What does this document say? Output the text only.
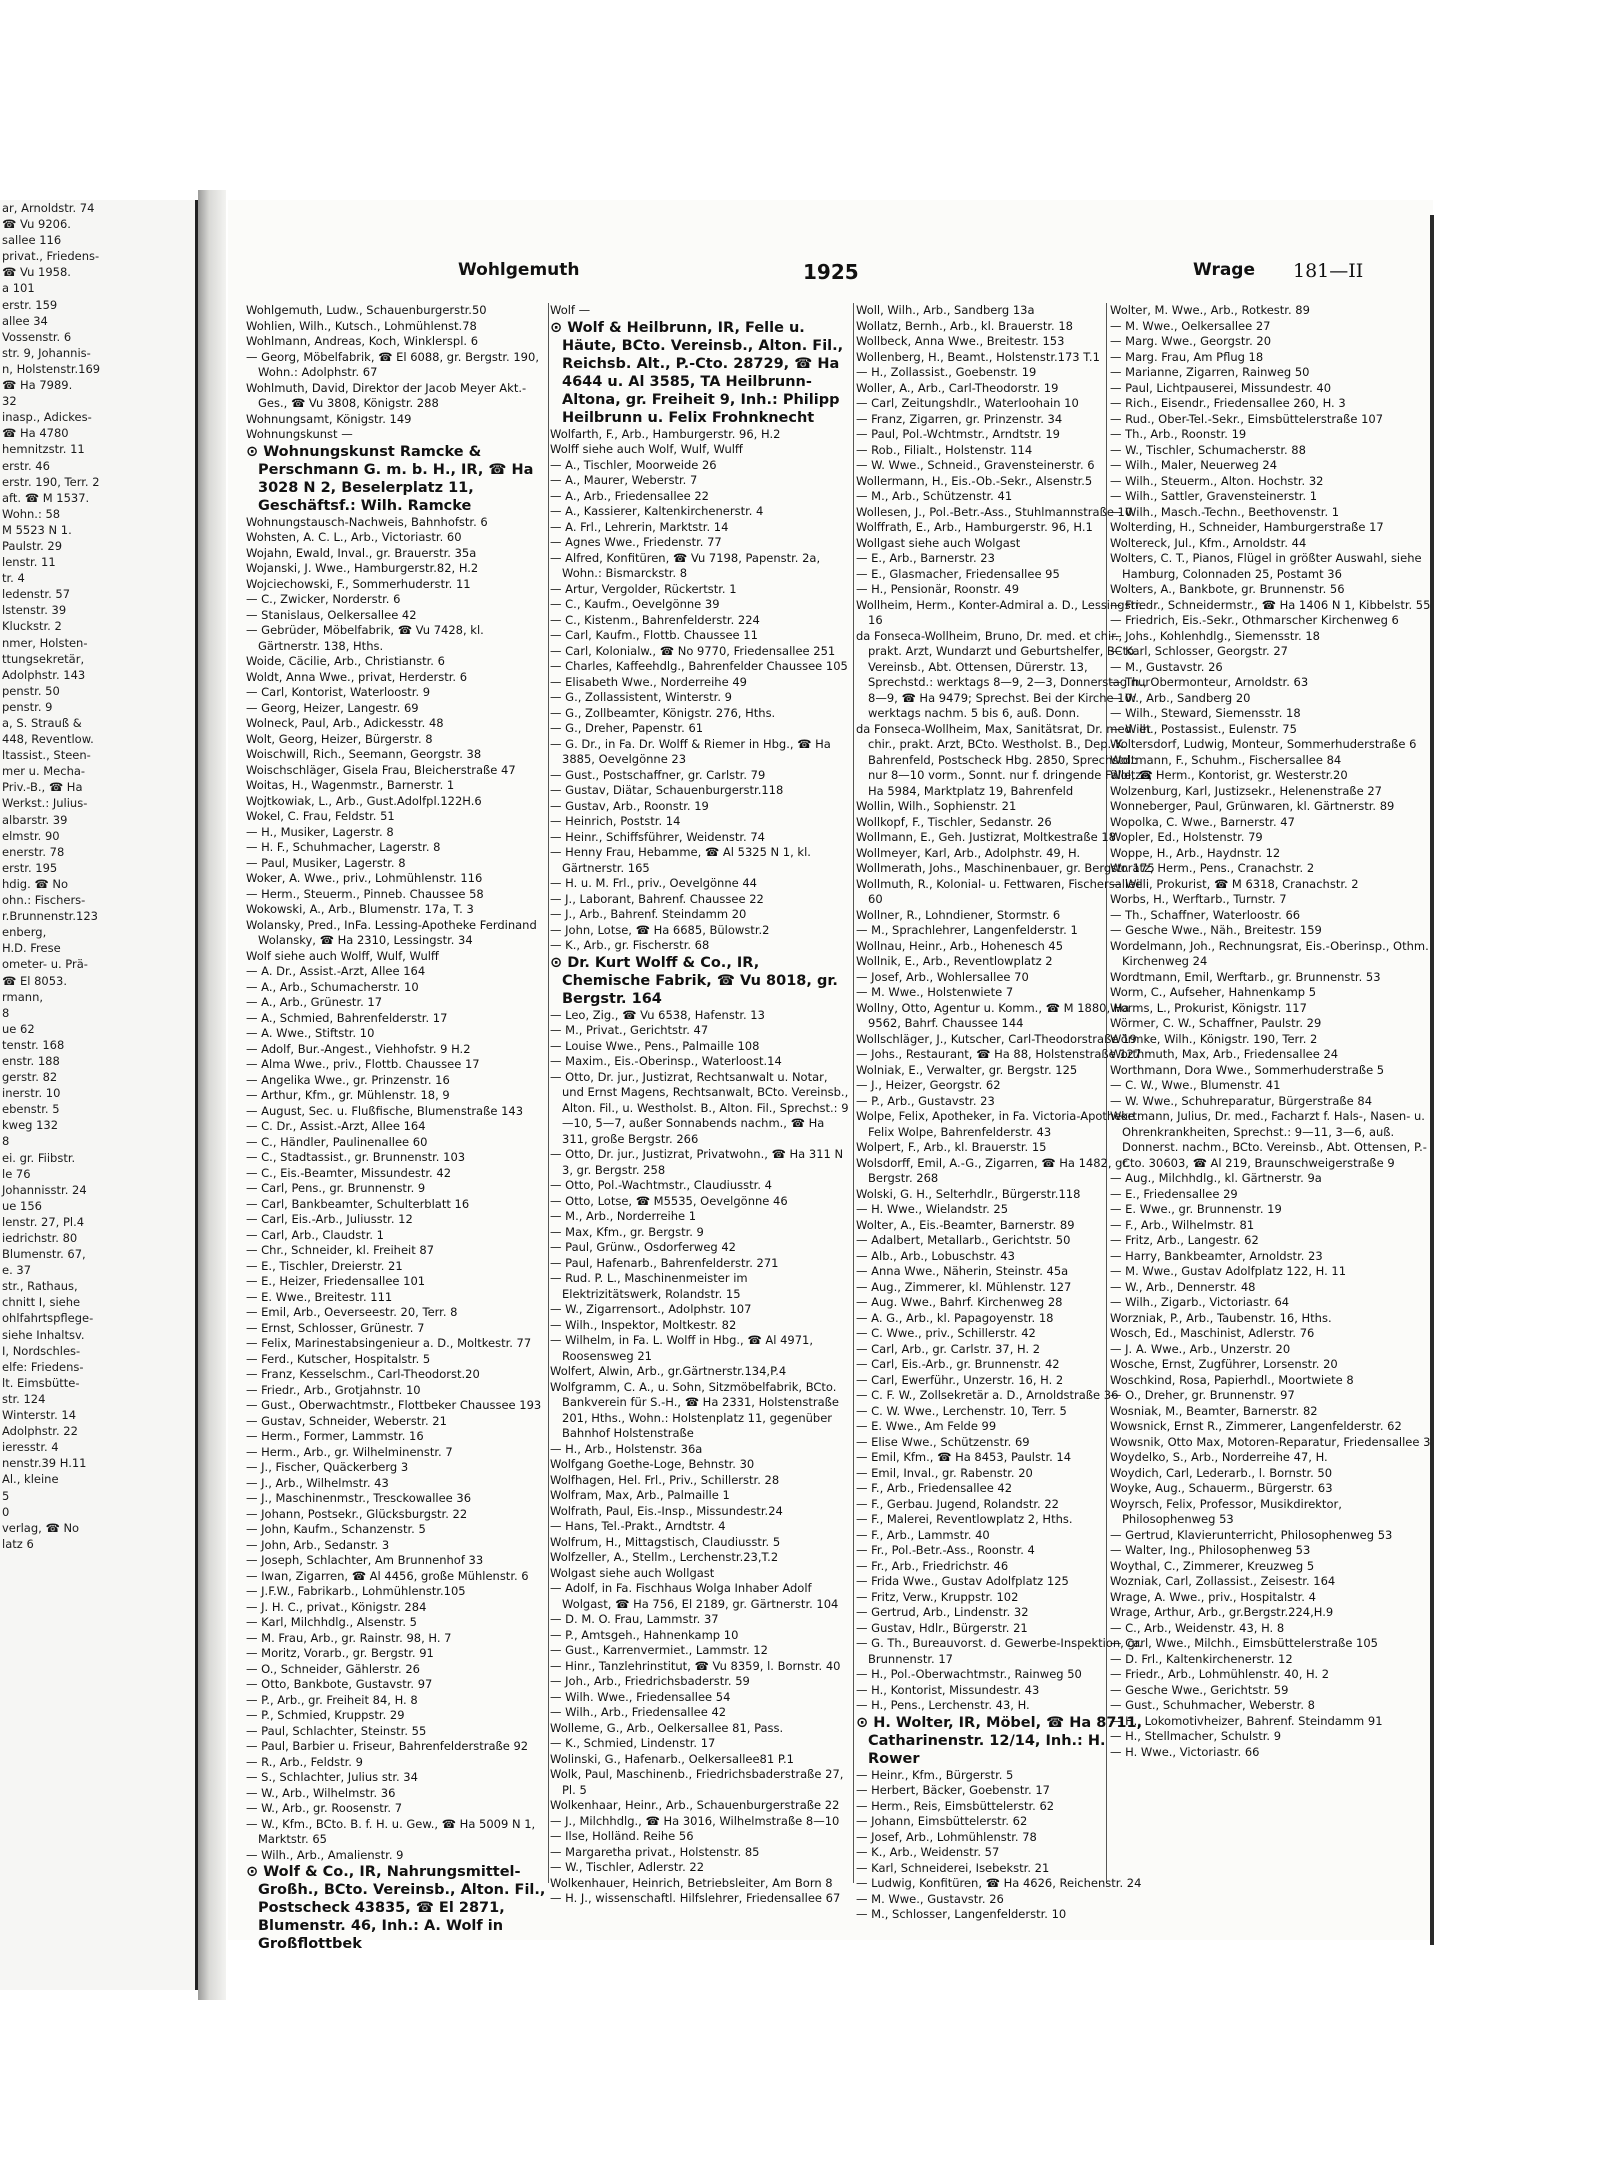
ar, Arnoldstr. 74
☎ Vu 9206.
sallee 116
privat., Friedens-
☎ Vu 1958.
a 101
erstr. 159
allee 34
Vossenstr. 6
str. 9, Johannis-
n, Holstenstr.169
☎ Ha 7989.
32
inasp., Adickes-
☎ Ha 4780
hemnitzstr. 11
erstr. 46
erstr. 190, Terr. 2
aft. ☎ M 1537.
Wohn.: 58
M 5523 N 1.
Paulstr. 29
lenstr. 11
tr. 4
ledenstr. 57
lstenstr. 39
Kluckstr. 2
nmer, Holsten-
ttungsekretär,
Adolphstr. 143
penstr. 50
penstr. 9
a, S. Strauß &
448, Reventlow.
ltassist., Steen-
mer u. Mecha-
Priv.-B., ☎ Ha
Werkst.: Julius-
albarstr. 39
elmstr. 90
enerstr. 78
erstr. 195
hdig. ☎ No
ohn.: Fischers-
r.Brunnenstr.123
enberg,
H.D. Frese
ometer- u. Prä-
☎ El 8053.
rmann,
8
ue 62
tenstr. 168
enstr. 188
gerstr. 82
inerstr. 10
ebenstr. 5
kweg 132
8
ei. gr. Fiibstr.
le 76
Johannisstr. 24
ue 156
lenstr. 27, Pl.4
iedrichstr. 80
Blumenstr. 67,
e. 37
str., Rathaus,
chnitt I, siehe
ohlfahrtspflege-
siehe Inhaltsv.
I, Nordschles-
elfe: Friedens-
lt. Eimsbütte-
str. 124
Winterstr. 14
Adolphstr. 22
ieresstr. 4
nenstr.39 H.11
Al., kleine
5
0
verlag, ☎ No
latz 6
Wohlgemuth	1925	Wrage 181—II

Wohlgemuth, Ludw., Schauenburgerstr.50

Wohlien, Wilh., Kutsch., Lohmühlenst.78

Wohlmann, Andreas, Koch, Winklerspl. 6

— Georg, Möbelfabrik, ☎ El 6088, gr. Bergstr. 190, Wohn.: Adolphstr. 67

Wohlmuth, David, Direktor der Jacob Meyer Akt.-Ges., ☎ Vu 3808, Königstr. 288

Wohnungsamt, Königstr. 149

Wohnungskunst —

⊙ Wohnungskunst Ramcke & Perschmann G. m. b. H., IR, ☎ Ha 3028 N 2, Beselerplatz 11, Geschäftsf.: Wilh. Ramcke

Wohnungstausch-Nachweis, Bahnhofstr. 6

Wohsten, A. C. L., Arb., Victoriastr. 60

Wojahn, Ewald, Inval., gr. Brauerstr. 35a

Wojanski, J. Wwe., Hamburgerstr.82, H.2

Wojciechowski, F., Sommerhuderstr. 11

— C., Zwicker, Norderstr. 6

— Stanislaus, Oelkersallee 42

— Gebrüder, Möbelfabrik, ☎ Vu 7428, kl. Gärtnerstr. 138, Hths.

Woide, Cäcilie, Arb., Christianstr. 6

Woldt, Anna Wwe., privat, Herderstr. 6

— Carl, Kontorist, Waterloostr. 9

— Georg, Heizer, Langestr. 69

Wolneck, Paul, Arb., Adickesstr. 48

Wolt, Georg, Heizer, Bürgerstr. 8

Woischwill, Rich., Seemann, Georgstr. 38

Woischschläger, Gisela Frau, Bleicherstraße 47

Woitas, H., Wagenmstr., Barnerstr. 1

Wojtkowiak, L., Arb., Gust.Adolfpl.122H.6

Wokel, C. Frau, Feldstr. 51

— H., Musiker, Lagerstr. 8

— H. F., Schuhmacher, Lagerstr. 8

— Paul, Musiker, Lagerstr. 8

Woker, A. Wwe., priv., Lohmühlenstr. 116

— Herm., Steuerm., Pinneb. Chaussee 58

Wokowski, A., Arb., Blumenstr. 17a, T. 3

Wolansky, Pred., InFa. Lessing-Apotheke Ferdinand Wolansky, ☎ Ha 2310, Lessingstr. 34

Wolf siehe auch Wolff, Wulf, Wulff

— A. Dr., Assist.-Arzt, Allee 164

— A., Arb., Schumacherstr. 10

— A., Arb., Grünestr. 17

— A., Schmied, Bahrenfelderstr. 17

— A. Wwe., Stiftstr. 10

— Adolf, Bur.-Angest., Viehhofstr. 9 H.2

— Alma Wwe., priv., Flottb. Chaussee 17

— Angelika Wwe., gr. Prinzenstr. 16

— Arthur, Kfm., gr. Mühlenstr. 18, 9

— August, Sec. u. Flußfische, Blumenstraße 143

— C. Dr., Assist.-Arzt, Allee 164

— C., Händler, Paulinenallee 60

— C., Stadtassist., gr. Brunnenstr. 103

— C., Eis.-Beamter, Missundestr. 42

— Carl, Pens., gr. Brunnenstr. 9

— Carl, Bankbeamter, Schulterblatt 16

— Carl, Eis.-Arb., Juliusstr. 12

— Carl, Arb., Claudstr. 1

— Chr., Schneider, kl. Freiheit 87

— E., Tischler, Dreierstr. 21

— E., Heizer, Friedensallee 101

— E. Wwe., Breitestr. 111

— Emil, Arb., Oeverseestr. 20, Terr. 8

— Ernst, Schlosser, Grünestr. 7

— Felix, Marinestabsingenieur a. D., Moltkestr. 77

— Ferd., Kutscher, Hospitalstr. 5

— Franz, Kesselschm., Carl-Theodorst.20

— Friedr., Arb., Grotjahnstr. 10

— Gust., Oberwachtmstr., Flottbeker Chaussee 193

— Gustav, Schneider, Weberstr. 21

— Herm., Former, Lammstr. 16

— Herm., Arb., gr. Wilhelminenstr. 7

— J., Fischer, Quäckerberg 3

— J., Arb., Wilhelmstr. 43

— J., Maschinenmstr., Tresckowallee 36

— Johann, Postsekr., Glücksburgstr. 22

— John, Kaufm., Schanzenstr. 5

— John, Arb., Sedanstr. 3

— Joseph, Schlachter, Am Brunnenhof 33

— Iwan, Zigarren, ☎ Al 4456, große Mühlenstr. 6

— J.F.W., Fabrikarb., Lohmühlenstr.105

— J. H. C., privat., Königstr. 284

— Karl, Milchhdlg., Alsenstr. 5

— M. Frau, Arb., gr. Rainstr. 98, H. 7

— Moritz, Vorarb., gr. Bergstr. 91

— O., Schneider, Gählerstr. 26

— Otto, Bankbote, Gustavstr. 97

— P., Arb., gr. Freiheit 84, H. 8

— P., Schmied, Kruppstr. 29

— Paul, Schlachter, Steinstr. 55

— Paul, Barbier u. Friseur, Bahrenfelderstraße 92

— R., Arb., Feldstr. 9

— S., Schlachter, Julius str. 34

— W., Arb., Wilhelmstr. 36

— W., Arb., gr. Roosenstr. 7

— W., Kfm., BCto. B. f. H. u. Gew., ☎ Ha 5009 N 1, Marktstr. 65

— Wilh., Arb., Amalienstr. 9

⊙ Wolf & Co., IR, Nahrungsmittel-Großh., BCto. Vereinsb., Alton. Fil., Postscheck 43835, ☎ El 2871, Blumenstr. 46, Inh.: A. Wolf in Großflottbek

Wolf —

⊙ Wolf & Heilbrunn, IR, Felle u. Häute, BCto. Vereinsb., Alton. Fil., Reichsb. Alt., P.-Cto. 28729, ☎ Ha 4644 u. Al 3585, TA Heilbrunn-Altona, gr. Freiheit 9, Inh.: Philipp Heilbrunn u. Felix Frohnknecht

Wolfarth, F., Arb., Hamburgerstr. 96, H.2

Wolff siehe auch Wolf, Wulf, Wulff

— A., Tischler, Moorweide 26

— A., Maurer, Weberstr. 7

— A., Arb., Friedensallee 22

— A., Kassierer, Kaltenkirchenerstr. 4

— A. Frl., Lehrerin, Marktstr. 14

— Agnes Wwe., Friedenstr. 77

— Alfred, Konfitüren, ☎ Vu 7198, Papenstr. 2a, Wohn.: Bismarckstr. 8

— Artur, Vergolder, Rückertstr. 1

— C., Kaufm., Oevelgönne 39

— C., Kistenm., Bahrenfelderstr. 224

— Carl, Kaufm., Flottb. Chaussee 11

— Carl, Kolonialw., ☎ No 9770, Friedensallee 251

— Charles, Kaffeehdlg., Bahrenfelder Chaussee 105

— Elisabeth Wwe., Norderreihe 49

— G., Zollassistent, Winterstr. 9

— G., Zollbeamter, Königstr. 276, Hths.

— G., Dreher, Papenstr. 61

— G. Dr., in Fa. Dr. Wolff & Riemer in Hbg., ☎ Ha 3885, Oevelgönne 23

— Gust., Postschaffner, gr. Carlstr. 79

— Gustav, Diätar, Schauenburgerstr.118

— Gustav, Arb., Roonstr. 19

— Heinrich, Poststr. 14

— Heinr., Schiffsführer, Weidenstr. 74

— Henny Frau, Hebamme, ☎ Al 5325 N 1, kl. Gärtnerstr. 165

— H. u. M. Frl., priv., Oevelgönne 44

— J., Laborant, Bahrenf. Chaussee 22

— J., Arb., Bahrenf. Steindamm 20

— John, Lotse, ☎ Ha 6685, Bülowstr.2

— K., Arb., gr. Fischerstr. 68

⊙ Dr. Kurt Wolff & Co., IR, Chemische Fabrik, ☎ Vu 8018, gr. Bergstr. 164

— Leo, Zig., ☎ Vu 6538, Hafenstr. 13

— M., Privat., Gerichtstr. 47

— Louise Wwe., Pens., Palmaille 108

— Maxim., Eis.-Oberinsp., Waterloost.14

— Otto, Dr. jur., Justizrat, Rechtsanwalt u. Notar, und Ernst Magens, Rechtsanwalt, BCto. Vereinsb., Alton. Fil., u. Westholst. B., Alton. Fil., Sprechst.: 9—10, 5—7, außer Sonnabends nachm., ☎ Ha 311, große Bergstr. 266

— Otto, Dr. jur., Justizrat, Privatwohn., ☎ Ha 311 N 3, gr. Bergstr. 258

— Otto, Pol.-Wachtmstr., Claudiusstr. 4

— Otto, Lotse, ☎ M5535, Oevelgönne 46

— M., Arb., Norderreihe 1

— Max, Kfm., gr. Bergstr. 9

— Paul, Grünw., Osdorferweg 42

— Paul, Hafenarb., Bahrenfelderstr. 271

— Rud. P. L., Maschinenmeister im Elektrizitätswerk, Rolandstr. 15

— W., Zigarrensort., Adolphstr. 107

— Wilh., Inspektor, Moltkestr. 82

— Wilhelm, in Fa. L. Wolff in Hbg., ☎ Al 4971, Roosensweg 21

Wolfert, Alwin, Arb., gr.Gärtnerstr.134,P.4

Wolfgramm, C. A., u. Sohn, Sitzmöbelfabrik, BCto. Bankverein für S.-H., ☎ Ha 2331, Holstenstraße 201, Hths., Wohn.: Holstenplatz 11, gegenüber Bahnhof Holstenstraße

— H., Arb., Holstenstr. 36a

Wolfgang Goethe-Loge, Behnstr. 30

Wolfhagen, Hel. Frl., Priv., Schillerstr. 28

Wolfram, Max, Arb., Palmaille 1

Wolfrath, Paul, Eis.-Insp., Missundestr.24

— Hans, Tel.-Prakt., Arndtstr. 4

Wolfrum, H., Mittagstisch, Claudiusstr. 5

Wolfzeller, A., Stellm., Lerchenstr.23,T.2

Wolgast siehe auch Wollgast

— Adolf, in Fa. Fischhaus Wolga Inhaber Adolf Wolgast, ☎ Ha 756, El 2189, gr. Gärtnerstr. 104

— D. M. O. Frau, Lammstr. 37

— P., Amtsgeh., Hahnenkamp 10

— Gust., Karrenvermiet., Lammstr. 12

— Hinr., Tanzlehrinstitut, ☎ Vu 8359, l. Bornstr. 40

— Joh., Arb., Friedrichsbaderstr. 59

— Wilh. Wwe., Friedensallee 54

— Wilh., Arb., Friedensallee 42

Wolleme, G., Arb., Oelkersallee 81, Pass.

— K., Schmied, Lindenstr. 17

Wolinski, G., Hafenarb., Oelkersallee81 P.1

Wolk, Paul, Maschinenb., Friedrichsbaderstraße 27, Pl. 5

Wolkenhaar, Heinr., Arb., Schauenburgerstraße 22

— J., Milchhdlg., ☎ Ha 3016, Wilhelmstraße 8—10

— Ilse, Holländ. Reihe 56

— Margaretha privat., Holstenstr. 85

— W., Tischler, Adlerstr. 22

Wolkenhauer, Heinrich, Betriebsleiter, Am Born 8

— H. J., wissenschaftl. Hilfslehrer, Friedensallee 67

Woll, Wilh., Arb., Sandberg 13a

Wollatz, Bernh., Arb., kl. Brauerstr. 18

Wollbeck, Anna Wwe., Breitestr. 153

Wollenberg, H., Beamt., Holstenstr.173 T.1

— H., Zollassist., Goebenstr. 19

Woller, A., Arb., Carl-Theodorstr. 19

— Carl, Zeitungshdlr., Waterloohain 10

— Franz, Zigarren, gr. Prinzenstr. 34

— Paul, Pol.-Wchtmstr., Arndtstr. 19

— Rob., Filialt., Holstenstr. 114

— W. Wwe., Schneid., Gravensteinerstr. 6

Wollermann, H., Eis.-Ob.-Sekr., Alsenstr.5

— M., Arb., Schützenstr. 41

Wollesen, J., Pol.-Betr.-Ass., Stuhlmannstraße 10

Wolffrath, E., Arb., Hamburgerstr. 96, H.1

Wollgast siehe auch Wolgast

— E., Arb., Barnerstr. 23

— E., Glasmacher, Friedensallee 95

— H., Pensionär, Roonstr. 49

Wollheim, Herm., Konter-Admiral a. D., Lessingstr. 16

da Fonseca-Wollheim, Bruno, Dr. med. et chir., prakt. Arzt, Wundarzt und Geburtshelfer, BCto. Vereinsb., Abt. Ottensen, Dürerstr. 13, Sprechstd.: werktags 8—9, 2—3, Donnerstag nur 8—9, ☎ Ha 9479; Sprechst. Bei der Kirche 10: werktags nachm. 5 bis 6, auß. Donn.

da Fonseca-Wollheim, Max, Sanitätsrat, Dr. med. et chir., prakt. Arzt, BCto. Westholst. B., Dep.-K. Bahrenfeld, Postscheck Hbg. 2850, Sprechstd.: nur 8—10 vorm., Sonnt. nur f. dringende Fälle, ☎ Ha 5984, Marktplatz 19, Bahrenfeld

Wollin, Wilh., Sophienstr. 21

Wollkopf, F., Tischler, Sedanstr. 26

Wollmann, E., Geh. Justizrat, Moltkestraße 18

Wollmeyer, Karl, Arb., Adolphstr. 49, H.

Wollmerath, Johs., Maschinenbauer, gr. Bergstr. 175

Wollmuth, R., Kolonial- u. Fettwaren, Fischersallee 60

Wollner, R., Lohndiener, Stormstr. 6

— M., Sprachlehrer, Langenfelderstr. 1

Wollnau, Heinr., Arb., Hohenesch 45

Wollnik, E., Arb., Reventlowplatz 2

— Josef, Arb., Wohlersallee 70

— M. Wwe., Holstenwiete 7

Wollny, Otto, Agentur u. Komm., ☎ M 1880, Ha 9562, Bahrf. Chaussee 144

Wollschläger, J., Kutscher, Carl-Theodorstraße 19

— Johs., Restaurant, ☎ Ha 88, Holstenstraße 127

Wolniak, E., Verwalter, gr. Bergstr. 125

— J., Heizer, Georgstr. 62

— P., Arb., Gustavstr. 23

Wolpe, Felix, Apotheker, in Fa. Victoria-Apotheke Felix Wolpe, Bahrenfelderstr. 43

Wolpert, F., Arb., kl. Brauerstr. 15

Wolsdorff, Emil, A.-G., Zigarren, ☎ Ha 1482, gr. Bergstr. 268

Wolski, G. H., Selterhdlr., Bürgerstr.118

— H. Wwe., Wielandstr. 25

Wolter, A., Eis.-Beamter, Barnerstr. 89

— Adalbert, Metallarb., Gerichtstr. 50

— Alb., Arb., Lobuschstr. 43

— Anna Wwe., Näherin, Steinstr. 45a

— Aug., Zimmerer, kl. Mühlenstr. 127

— Aug. Wwe., Bahrf. Kirchenweg 28

— A. G., Arb., kl. Papagoyenstr. 18

— C. Wwe., priv., Schillerstr. 42

— Carl, Arb., gr. Carlstr. 37, H. 2

— Carl, Eis.-Arb., gr. Brunnenstr. 42

— Carl, Ewerführ., Unzerstr. 16, H. 2

— C. F. W., Zollsekretär a. D., Arnoldstraße 36

— C. W. Wwe., Lerchenstr. 10, Terr. 5

— E. Wwe., Am Felde 99

— Elise Wwe., Schützenstr. 69

— Emil, Kfm., ☎ Ha 8453, Paulstr. 14

— Emil, Inval., gr. Rabenstr. 20

— F., Arb., Friedensallee 42

— F., Gerbau. Jugend, Rolandstr. 22

— F., Malerei, Reventlowplatz 2, Hths.

— F., Arb., Lammstr. 40

— Fr., Pol.-Betr.-Ass., Roonstr. 4

— Fr., Arb., Friedrichstr. 46

— Frida Wwe., Gustav Adolfplatz 125

— Fritz, Verw., Kruppstr. 102

— Gertrud, Arb., Lindenstr. 32

— Gustav, Hdlr., Bürgerstr. 21

— G. Th., Bureauvorst. d. Gewerbe-Inspektion, gr. Brunnenstr. 17

— H., Pol.-Oberwachtmstr., Rainweg 50

— H., Kontorist, Missundestr. 43

— H., Pens., Lerchenstr. 43, H.

⊙ H. Wolter, IR, Möbel, ☎ Ha 8711, Catharinenstr. 12/14, Inh.: H. Rower

— Heinr., Kfm., Bürgerstr. 5

— Herbert, Bäcker, Goebenstr. 17

— Herm., Reis, Eimsbüttelerstr. 62

— Johann, Eimsbüttelerstr. 62

— Josef, Arb., Lohmühlenstr. 78

— K., Arb., Weidenstr. 57

— Karl, Schneiderei, Isebekstr. 21

— Ludwig, Konfitüren, ☎ Ha 4626, Reichenstr. 24

— M. Wwe., Gustavstr. 26

— M., Schlosser, Langenfelderstr. 10

Wolter, M. Wwe., Arb., Rotkestr. 89

— M. Wwe., Oelkersallee 27

— Marg. Wwe., Georgstr. 20

— Marg. Frau, Am Pflug 18

— Marianne, Zigarren, Rainweg 50

— Paul, Lichtpauserei, Missundestr. 40

— Rich., Eisendr., Friedensallee 260, H. 3

— Rud., Ober-Tel.-Sekr., Eimsbüttelerstraße 107

— Th., Arb., Roonstr. 19

— W., Tischler, Schumacherstr. 88

— Wilh., Maler, Neuerweg 24

— Wilh., Steuerm., Alton. Hochstr. 32

— Wilh., Sattler, Gravensteinerstr. 1

— Wilh., Masch.-Techn., Beethovenstr. 1

Wolterding, H., Schneider, Hamburgerstraße 17

Woltereck, Jul., Kfm., Arnoldstr. 44

Wolters, C. T., Pianos, Flügel in größter Auswahl, siehe Hamburg, Colonnaden 25, Postamt 36

Wolters, A., Bankbote, gr. Brunnenstr. 56

— Friedr., Schneidermstr., ☎ Ha 1406 N 1, Kibbelstr. 55

— Friedrich, Eis.-Sekr., Othmarscher Kirchenweg 6

— Johs., Kohlenhdlg., Siemensstr. 18

— Karl, Schlosser, Georgstr. 27

— M., Gustavstr. 26

— Th., Obermonteur, Arnoldstr. 63

— W., Arb., Sandberg 20

— Wilh., Steward, Siemensstr. 18

— Wilh., Postassist., Eulenstr. 75

Woltersdorf, Ludwig, Monteur, Sommerhuderstraße 6

Woltmann, F., Schuhm., Fischersallee 84

Woltze, Herm., Kontorist, gr. Westerstr.20

Wolzenburg, Karl, Justizsekr., Helenenstraße 27

Wonneberger, Paul, Grünwaren, kl. Gärtnerstr. 89

Wopolka, C. Wwe., Barnerstr. 47

Wopler, Ed., Holstenstr. 79

Woppe, H., Arb., Haydnstr. 12

Woratz, Herm., Pens., Cranachstr. 2

— Willi, Prokurist, ☎ M 6318, Cranachstr. 2

Worbs, H., Werftarb., Turnstr. 7

— Th., Schaffner, Waterloostr. 66

— Gesche Wwe., Näh., Breitestr. 159

Wordelmann, Joh., Rechnungsrat, Eis.-Oberinsp., Othm. Kirchenweg 24

Wordtmann, Emil, Werftarb., gr. Brunnenstr. 53

Worm, C., Aufseher, Hahnenkamp 5

Worms, L., Prokurist, Königstr. 117

Wörmer, C. W., Schaffner, Paulstr. 29

Wörmke, Wilh., Königstr. 190, Terr. 2

Worthmuth, Max, Arb., Friedensallee 24

Worthmann, Dora Wwe., Sommerhuderstraße 5

— C. W., Wwe., Blumenstr. 41

— W. Wwe., Schuhreparatur, Bürgerstraße 84

Wortmann, Julius, Dr. med., Facharzt f. Hals-, Nasen- u. Ohrenkrankheiten, Sprechst.: 9—11, 3—6, auß. Donnerst. nachm., BCto. Vereinsb., Abt. Ottensen, P.-Cto. 30603, ☎ Al 219, Braunschweigerstraße 9

— Aug., Milchhdlg., kl. Gärtnerstr. 9a

— E., Friedensallee 29

— E. Wwe., gr. Brunnenstr. 19

— F., Arb., Wilhelmstr. 81

— Fritz, Arb., Langestr. 62

— Harry, Bankbeamter, Arnoldstr. 23

— M. Wwe., Gustav Adolfplatz 122, H. 11

— W., Arb., Dennerstr. 48

— Wilh., Zigarb., Victoriastr. 64

Worzniak, P., Arb., Taubenstr. 16, Hths.

Wosch, Ed., Maschinist, Adlerstr. 76

— J. A. Wwe., Arb., Unzerstr. 20

Wosche, Ernst, Zugführer, Lorsenstr. 20

Woschkind, Rosa, Papierhdl., Moortwiete 8

— O., Dreher, gr. Brunnenstr. 97

Wosniak, M., Beamter, Barnerstr. 82

Wowsnick, Ernst R., Zimmerer, Langenfelderstr. 62

Wowsnik, Otto Max, Motoren-Reparatur, Friedensallee 3

Woydelko, S., Arb., Norderreihe 47, H.

Woydich, Carl, Lederarb., l. Bornstr. 50

Woyke, Aug., Schauerm., Bürgerstr. 63

Woyrsch, Felix, Professor, Musikdirektor, Philosophenweg 53

— Gertrud, Klavierunterricht, Philosophenweg 53

— Walter, Ing., Philosophenweg 53

Woythal, C., Zimmerer, Kreuzweg 5

Wozniak, Carl, Zollassist., Zeisestr. 164

Wrage, A. Wwe., priv., Hospitalstr. 4

Wrage, Arthur, Arb., gr.Bergstr.224,H.9

— C., Arb., Weidenstr. 43, H. 8

— Carl, Wwe., Milchh., Eimsbüttelerstraße 105

— D. Frl., Kaltenkirchenerstr. 12

— Friedr., Arb., Lohmühlenstr. 40, H. 2

— Gesche Wwe., Gerichtstr. 59

— Gust., Schuhmacher, Weberstr. 8

— H., Lokomotivheizer, Bahrenf. Steindamm 91

— H., Stellmacher, Schulstr. 9

— H. Wwe., Victoriastr. 66
